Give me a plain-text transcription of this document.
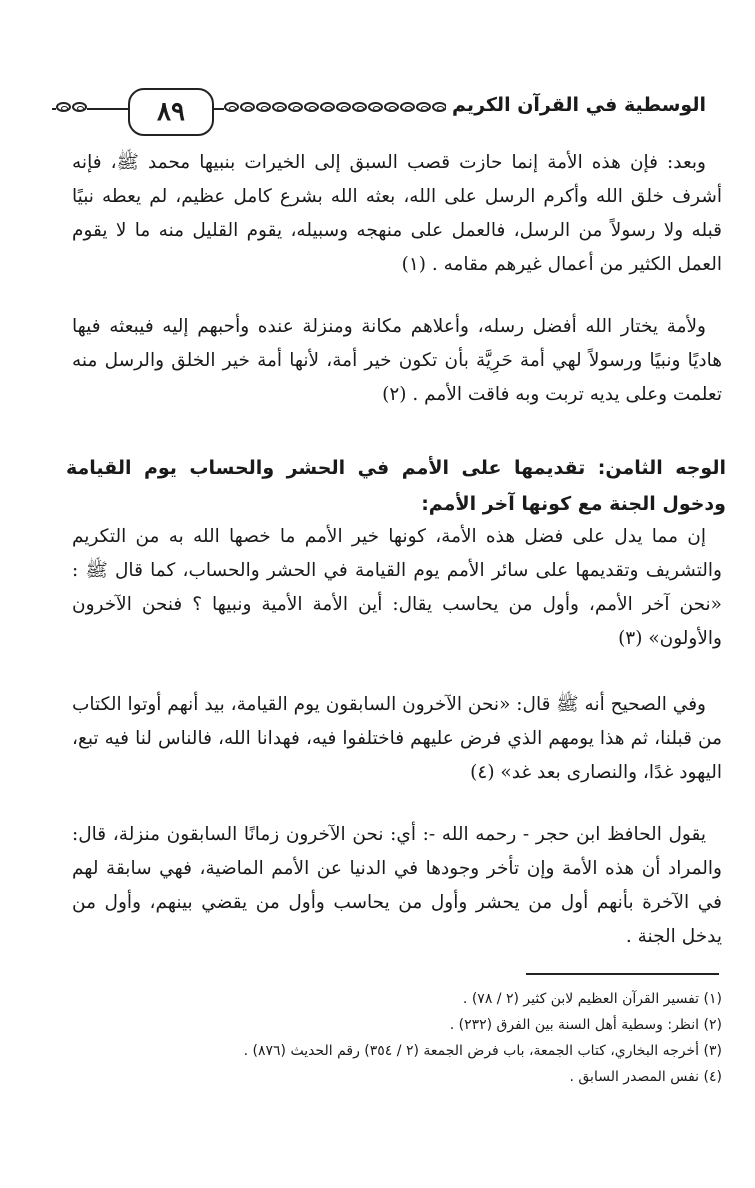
٨٩	الوسطية في القرآن الكريم

وبعد: فإن هذه الأمة إنما حازت قصب السبق إلى الخيرات بنبيها محمد ﷺ، فإنه أشرف خلق الله وأكرم الرسل على الله، بعثه الله بشرع كامل عظيم، لم يعطه نبيًا قبله ولا رسولاً من الرسل، فالعمل على منهجه وسبيله، يقوم القليل منه ما لا يقوم العمل الكثير من أعمال غيرهم مقامه . (١)

ولأمة يختار الله أفضل رسله، وأعلاهم مكانة ومنزلة عنده وأحبهم إليه فيبعثه فيها هاديًا ونبيًا ورسولاً لهي أمة حَرِيَّة بأن تكون خير أمة، لأنها أمة خير الخلق والرسل منه تعلمت وعلى يديه تربت وبه فاقت الأمم . (٢)

الوجه الثامن: تقديمها على الأمم في الحشر والحساب يوم القيامة ودخول الجنة مع كونها آخر الأمم:

إن مما يدل على فضل هذه الأمة، كونها خير الأمم ما خصها الله به من التكريم والتشريف وتقديمها على سائر الأمم يوم القيامة في الحشر والحساب، كما قال ﷺ : «نحن آخر الأمم، وأول من يحاسب يقال: أين الأمة الأمية ونبيها ؟ فنحن الآخرون والأولون» (٣)

وفي الصحيح أنه ﷺ قال: «نحن الآخرون السابقون يوم القيامة، بيد أنهم أوتوا الكتاب من قبلنا، ثم هذا يومهم الذي فرض عليهم فاختلفوا فيه، فهدانا الله، فالناس لنا فيه تبع، اليهود غدًا، والنصارى بعد غد» (٤)

يقول الحافظ ابن حجر - رحمه الله -: أي: نحن الآخرون زمانًا السابقون منزلة، قال: والمراد أن هذه الأمة وإن تأخر وجودها في الدنيا عن الأمم الماضية، فهي سابقة لهم في الآخرة بأنهم أول من يحشر وأول من يحاسب وأول من يقضي بينهم، وأول من يدخل الجنة .

(١) تفسير القرآن العظيم لابن كثير (٢ / ٧٨) .
(٢) انظر: وسطية أهل السنة بين الفرق (٢٣٢) .
(٣) أخرجه البخاري، كتاب الجمعة، باب فرض الجمعة (٢ / ٣٥٤) رقم الحديث (٨٧٦) .
(٤) نفس المصدر السابق .
